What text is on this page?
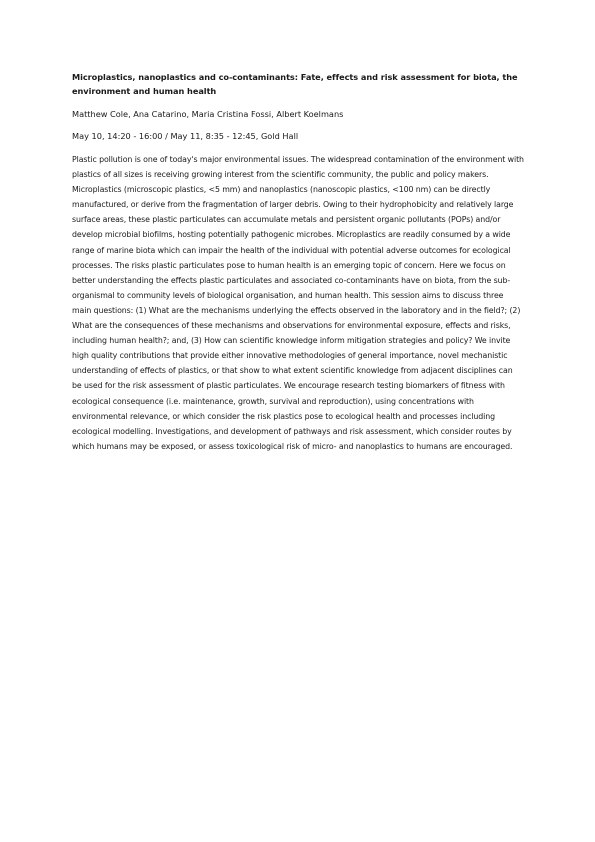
Microplastics, nanoplastics and co-contaminants: Fate, effects and risk assessment for biota, the environment and human health

Matthew Cole, Ana Catarino, Maria Cristina Fossi, Albert Koelmans

May 10, 14:20 - 16:00 / May 11, 8:35 - 12:45, Gold Hall

Plastic pollution is one of today's major environmental issues. The widespread contamination of the environment with plastics of all sizes is receiving growing interest from the scientific community, the public and policy makers. Microplastics (microscopic plastics, <5 mm) and nanoplastics (nanoscopic plastics, <100 nm) can be directly manufactured, or derive from the fragmentation of larger debris. Owing to their hydrophobicity and relatively large surface areas, these plastic particulates can accumulate metals and persistent organic pollutants (POPs) and/or develop microbial biofilms, hosting potentially pathogenic microbes. Microplastics are readily consumed by a wide range of marine biota which can impair the health of the individual with potential adverse outcomes for ecological processes. The risks plastic particulates pose to human health is an emerging topic of concern. Here we focus on better understanding the effects plastic particulates and associated co-contaminants have on biota, from the sub-organismal to community levels of biological organisation, and human health. This session aims to discuss three main questions: (1) What are the mechanisms underlying the effects observed in the laboratory and in the field?; (2) What are the consequences of these mechanisms and observations for environmental exposure, effects and risks, including human health?; and, (3) How can scientific knowledge inform mitigation strategies and policy? We invite high quality contributions that provide either innovative methodologies of general importance, novel mechanistic understanding of effects of plastics, or that show to what extent scientific knowledge from adjacent disciplines can be used for the risk assessment of plastic particulates. We encourage research testing biomarkers of fitness with ecological consequence (i.e. maintenance, growth, survival and reproduction), using concentrations with environmental relevance, or which consider the risk plastics pose to ecological health and processes including ecological modelling. Investigations, and development of pathways and risk assessment, which consider routes by which humans may be exposed, or assess toxicological risk of micro- and nanoplastics to humans are encouraged.
